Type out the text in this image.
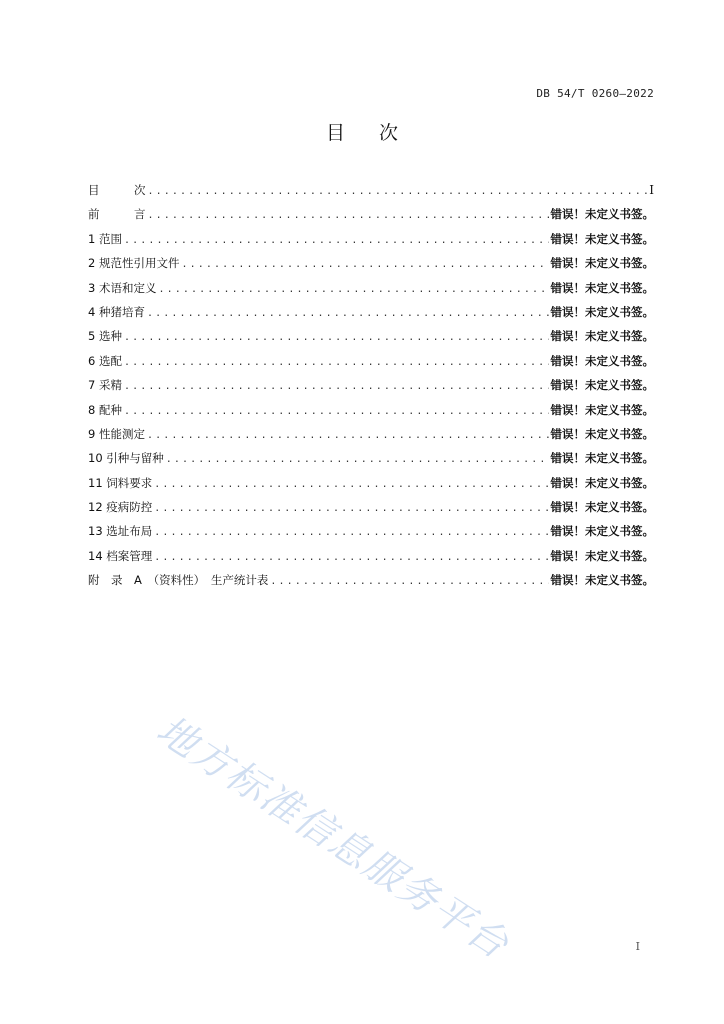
DB 54/T 0260—2022
目次
目　　　次 .....	I
前　　　言 .....	错误！未定义书签。
1 范围 .....	错误！未定义书签。
2 规范性引用文件 .....	错误！未定义书签。
3 术语和定义 .....	错误！未定义书签。
4 种猪培育 .....	错误！未定义书签。
5 选种 .....	错误！未定义书签。
6 选配 .....	错误！未定义书签。
7 采精 .....	错误！未定义书签。
8 配种 .....	错误！未定义书签。
9 性能测定 .....	错误！未定义书签。
10 引种与留种 .....	错误！未定义书签。
11 饲料要求 .....	错误！未定义书签。
12 疫病防控 .....	错误！未定义书签。
13 选址布局 .....	错误！未定义书签。
14 档案管理 .....	错误！未定义书签。
附　录　A　（资料性）　生产统计表 .....	错误！未定义书签。
地方标准信息服务平台	I
